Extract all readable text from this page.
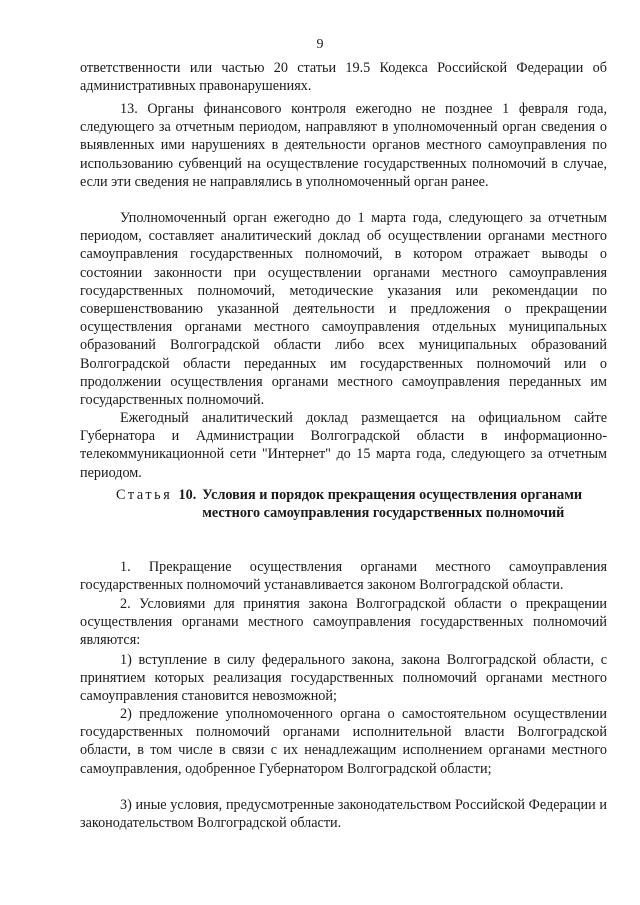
9
ответственности или частью 20 статьи 19.5 Кодекса Российской Федерации об административных правонарушениях.
13. Органы финансового контроля ежегодно не позднее 1 февраля года, следующего за отчетным периодом, направляют в уполномоченный орган сведения о выявленных ими нарушениях в деятельности органов местного самоуправления по использованию субвенций на осуществление государственных полномочий в случае, если эти сведения не направлялись в уполномоченный орган ранее.
Уполномоченный орган ежегодно до 1 марта года, следующего за отчетным периодом, составляет аналитический доклад об осуществлении органами местного самоуправления государственных полномочий, в котором отражает выводы о состоянии законности при осуществлении органами местного самоуправления государственных полномочий, методические указания или рекомендации по совершенствованию указанной деятельности и предложения о прекращении осуществления органами местного самоуправления отдельных муниципальных образований Волгоградской области либо всех муниципальных образований Волгоградской области переданных им государственных полномочий или о продолжении осуществления органами местного самоуправления переданных им государственных полномочий.
Ежегодный аналитический доклад размещается на официальном сайте Губернатора и Администрации Волгоградской области в информационно-телекоммуникационной сети "Интернет" до 15 марта года, следующего за отчетным периодом.
Статья 10. Условия и порядок прекращения осуществления органами местного самоуправления государственных полномочий
1. Прекращение осуществления органами местного самоуправления государственных полномочий устанавливается законом Волгоградской области.
2. Условиями для принятия закона Волгоградской области о прекращении осуществления органами местного самоуправления государственных полномочий являются:
1) вступление в силу федерального закона, закона Волгоградской области, с принятием которых реализация государственных полномочий органами местного самоуправления становится невозможной;
2) предложение уполномоченного органа о самостоятельном осуществлении государственных полномочий органами исполнительной власти Волгоградской области, в том числе в связи с их ненадлежащим исполнением органами местного самоуправления, одобренное Губернатором Волгоградской области;
3) иные условия, предусмотренные законодательством Российской Федерации и законодательством Волгоградской области.
